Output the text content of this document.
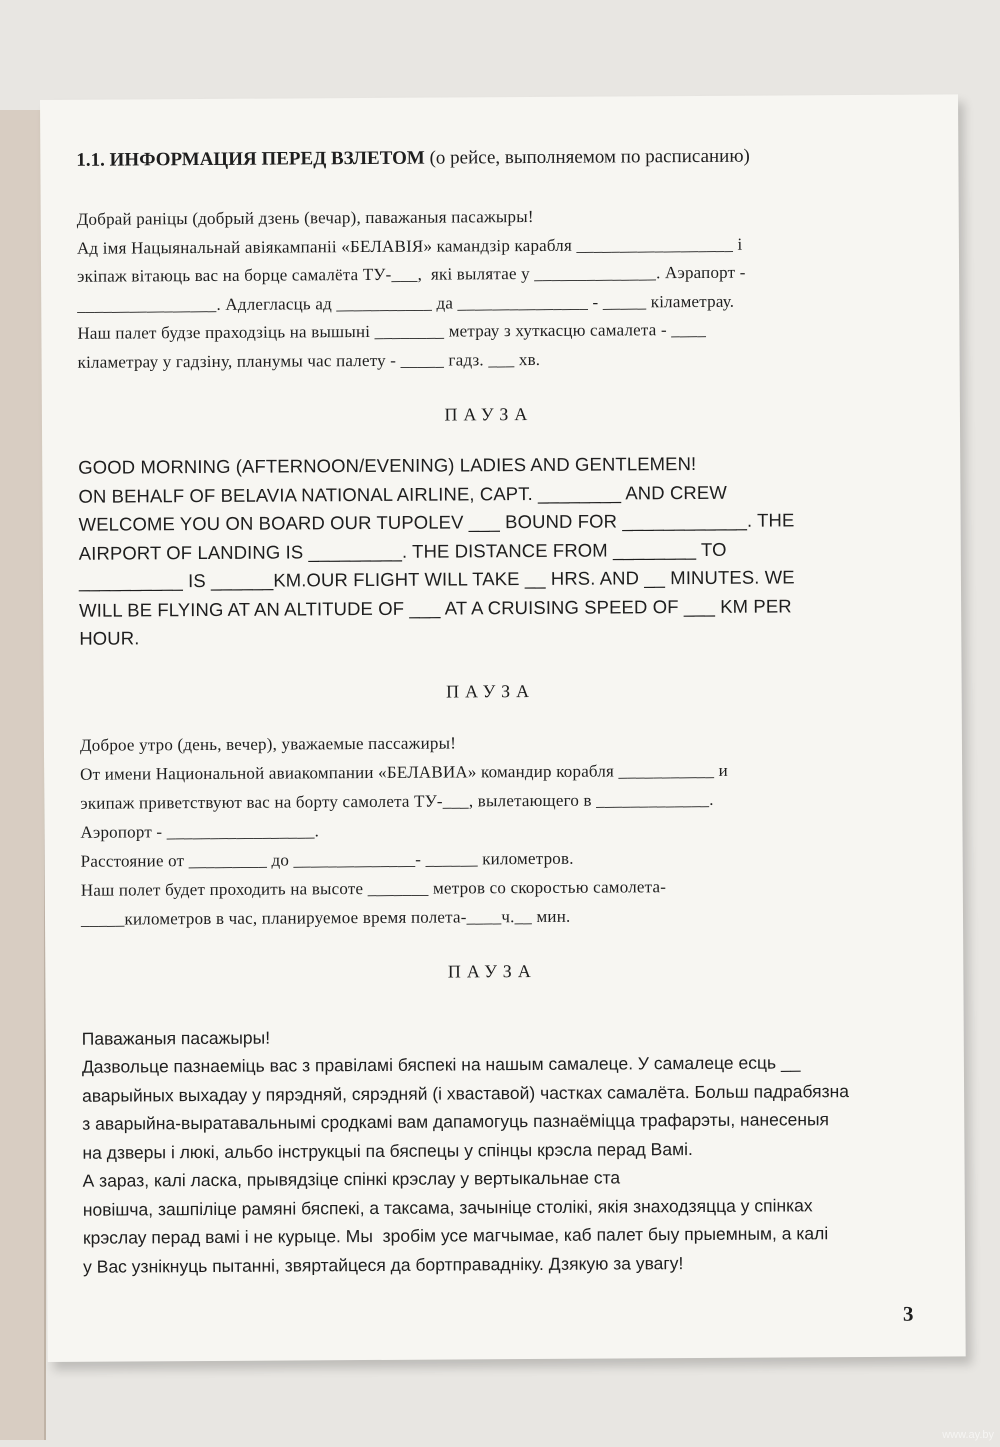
1.1. ИНФОРМАЦИЯ ПЕРЕД ВЗЛЕТОМ (о рейсе, выполняемом по расписанию)

Добрай раніцы (добрый дзень (вечар), паважаныя пасажыры!

Ад імя Нацыянальнай авіякампаніі «БЕЛАВІЯ» камандзір карабля __________________ і

экіпаж вітаюць вас на борце самалёта ТУ-___,  які вылятае у ______________. Аэрапорт -

________________. Адлегласць ад ___________ да _______________ - _____ кіламетрау.

Наш палет будзе праходзіць на вышыні ________ метрау з хуткасцю самалета - ____

кіламетрау у гадзіну, планумы час палету - _____ гадз. ___ хв.

ПАУЗА

GOOD MORNING (AFTERNOON/EVENING) LADIES AND GENTLEMEN!

ON BEHALF OF BELAVIA NATIONAL AIRLINE, CAPT. ________ AND CREW

WELCOME YOU ON BOARD OUR TUPOLEV ___ BOUND FOR ____________. THE

AIRPORT OF LANDING IS _________. THE DISTANCE FROM ________ TO

__________ IS ______KM.OUR FLIGHT WILL TAKE __ HRS. AND __ MINUTES. WE

WILL BE FLYING AT AN ALTITUDE OF ___ AT A CRUISING SPEED OF ___ KM PER

HOUR.

ПАУЗА

Доброе утро (день, вечер), уважаемые пассажиры!

От имени Национальной авиакомпании «БЕЛАВИА» командир корабля ___________ и

экипаж приветствуют вас на борту самолета ТУ-___, вылетающего в _____________.

Аэропорт - _________________.

Расстояние от _________ до ______________- ______ километров.

Наш полет будет проходить на высоте _______ метров со скоростью самолета-

_____километров в час, планируемое время полета-____ч.__ мин.

ПАУЗА

Паважаныя пасажыры!

Дазвольце пазнаеміць вас з правіламі бяспекі на нашым самалеце. У самалеце есць __

аварыйных выхадау у пярэдняй, сярэдняй (і хваставой) частках самалёта. Больш падрабязна

з аварыйна-выратавальнымі сродкамі вам дапамогуць пазнаёміцца трафарэты, нанесеныя

на дзверы і люкі, альбо інструкцыі па бяспецы у спінцы крэсла перад Вамі.

А зараз, калі ласка, прывядзіце спінкі крэслау у вертыкальнае ста

новішча, зашпіліце рамяні бяспекі, а таксама, зачыніце столікі, якія знаходзяцца у спінках

крэслау перад вамі і не курыце. Мы  зробім усе магчымае, каб палет быу прыемным, а калі

у Вас узнікнуць пытанні, звяртайцеся да бортправадніку. Дзякую за увагу!

3
www.ay.by
